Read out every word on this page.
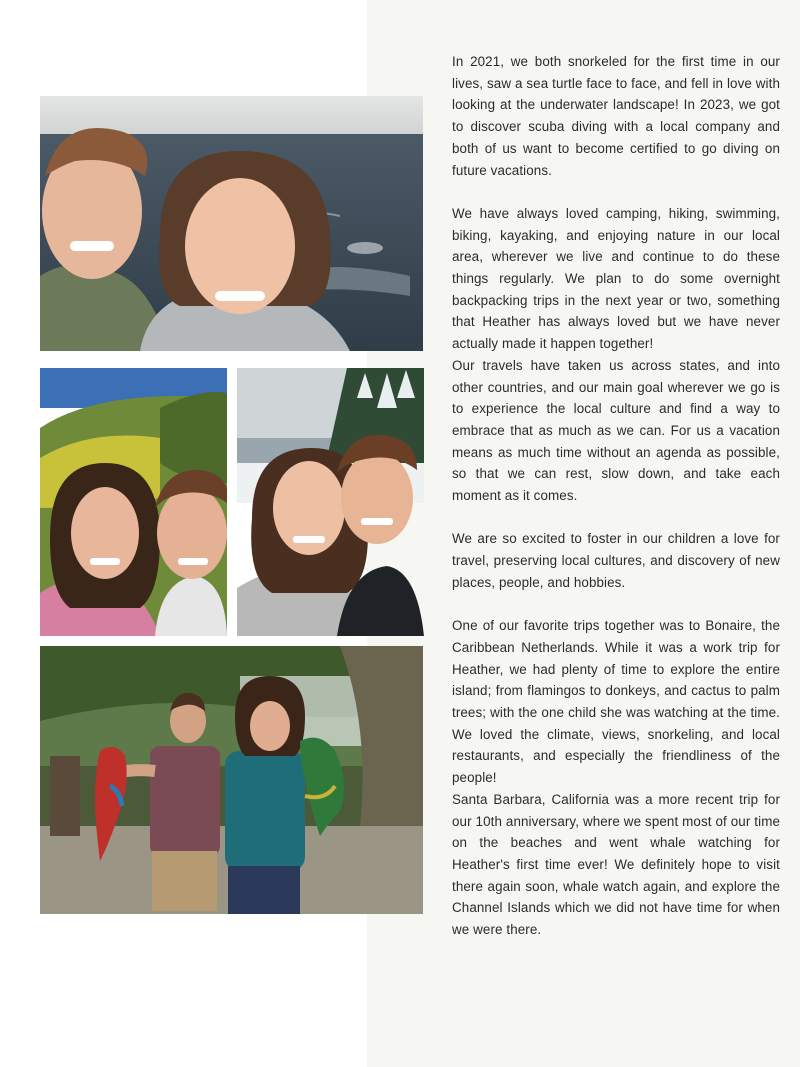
In 2021, we both snorkeled for the first time in our lives, saw a sea turtle face to face, and fell in love with looking at the underwater landscape! In 2023, we got to discover scuba diving with a local company and both of us want to become certified to go diving on future vacations.

We have always loved camping, hiking, swimming, biking, kayaking, and enjoying nature in our local area, wherever we live and continue to do these things regularly. We plan to do some overnight backpacking trips in the next year or two, something that Heather has always loved but we have never actually made it happen together!

Our travels have taken us across states, and into other countries, and our main goal wherever we go is to experience the local culture and find a way to embrace that as much as we can. For us a vacation means as much time without an agenda as possible, so that we can rest, slow down, and take each moment as it comes.

We are so excited to foster in our children a love for travel, preserving local cultures, and discovery of new places, people, and hobbies.

One of our favorite trips together was to Bonaire, the Caribbean Netherlands. While it was a work trip for Heather, we had plenty of time to explore the entire island; from flamingos to donkeys, and cactus to palm trees; with the one child she was watching at the time. We loved the climate, views, snorkeling, and local restaurants, and especially the friendliness of the people!

Santa Barbara, California was a more recent trip for our 10th anniversary, where we spent most of our time on the beaches and went whale watching for Heather's first time ever! We definitely hope to visit there again soon, whale watch again, and explore the Channel Islands which we did not have time for when we were there.
